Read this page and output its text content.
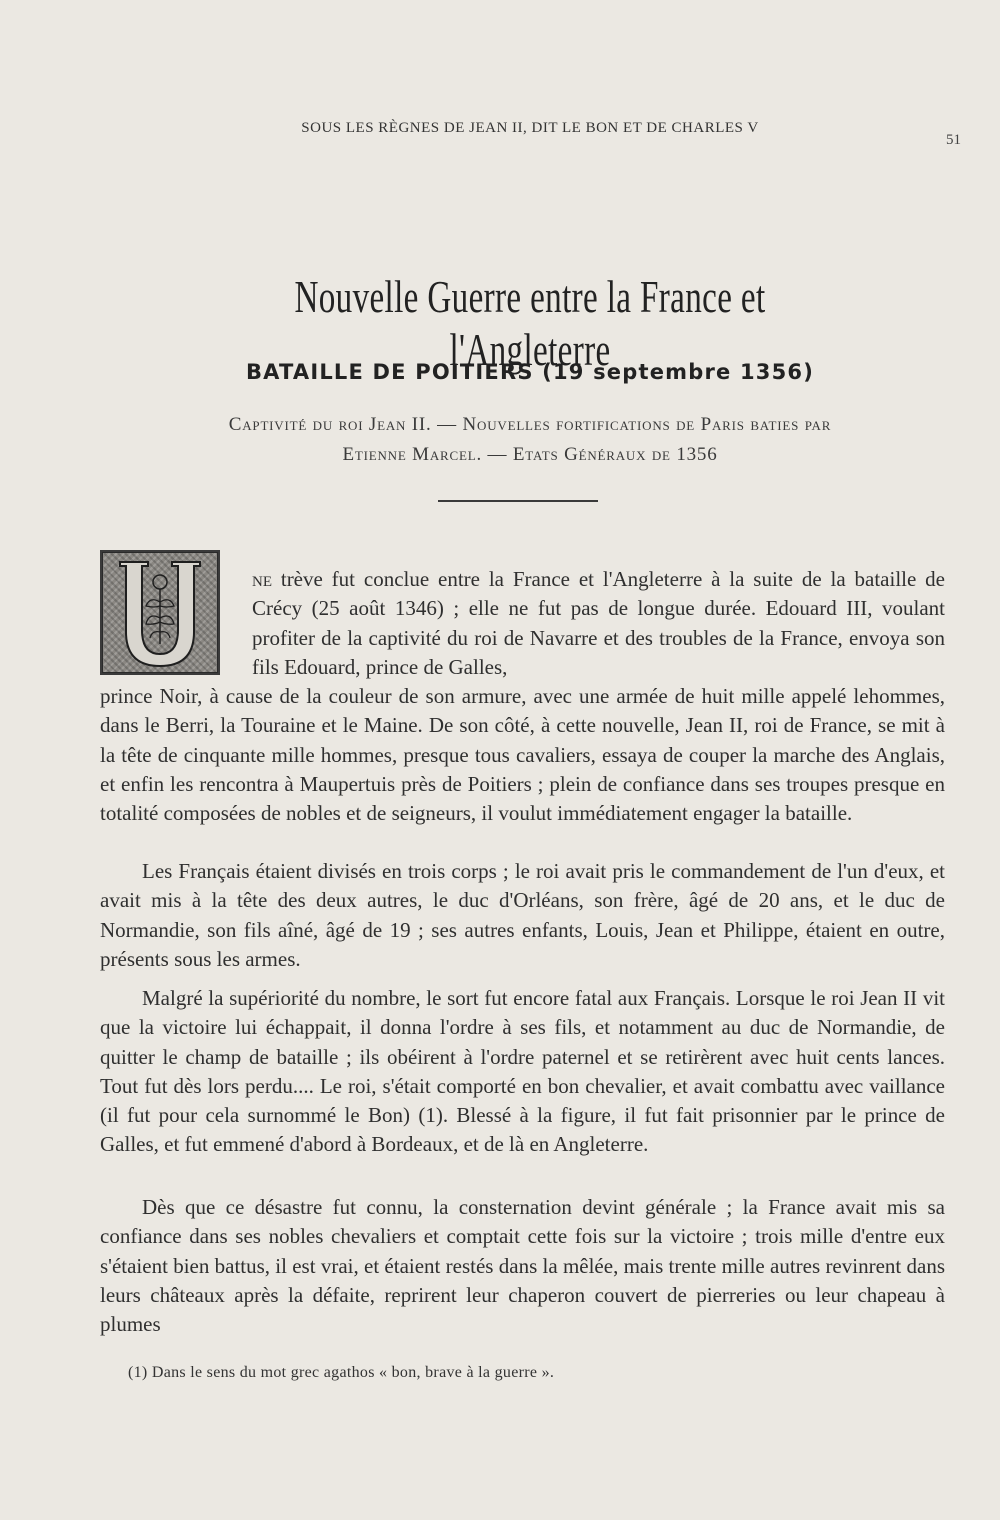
SOUS LES RÈGNES DE JEAN II, DIT LE BON ET DE CHARLES V
51
Nouvelle Guerre entre la France et l'Angleterre
BATAILLE DE POITIERS (19 septembre 1356)
Captivité du roi Jean II. — Nouvelles fortifications de Paris baties par
Etienne Marcel. — Etats Généraux de 1356

ne trève fut conclue entre la France et l'Angleterre à la suite de la bataille de Crécy (25 août 1346) ; elle ne fut pas de longue durée. Edouard III, voulant profiter de la captivité du roi de Navarre et des troubles de la France, envoya son fils Edouard, prince de Galles,

prince Noir, à cause de la couleur de son armure, avec une armée de huit mille appelé lehommes, dans le Berri, la Touraine et le Maine. De son côté, à cette nouvelle, Jean II, roi de France, se mit à la tête de cinquante mille hommes, presque tous cavaliers, essaya de couper la marche des Anglais, et enfin les rencontra à Maupertuis près de Poitiers ; plein de confiance dans ses troupes presque en totalité composées de nobles et de seigneurs, il voulut immédiatement engager la bataille.

Les Français étaient divisés en trois corps ; le roi avait pris le commandement de l'un d'eux, et avait mis à la tête des deux autres, le duc d'Orléans, son frère, âgé de 20 ans, et le duc de Normandie, son fils aîné, âgé de 19 ; ses autres enfants, Louis, Jean et Philippe, étaient en outre, présents sous les armes.

Malgré la supériorité du nombre, le sort fut encore fatal aux Français. Lorsque le roi Jean II vit que la victoire lui échappait, il donna l'ordre à ses fils, et notamment au duc de Normandie, de quitter le champ de bataille ; ils obéirent à l'ordre paternel et se retirèrent avec huit cents lances. Tout fut dès lors perdu.... Le roi, s'était comporté en bon chevalier, et avait combattu avec vaillance (il fut pour cela surnommé le Bon) (1). Blessé à la figure, il fut fait prisonnier par le prince de Galles, et fut emmené d'abord à Bordeaux, et de là en Angleterre.

Dès que ce désastre fut connu, la consternation devint générale ; la France avait mis sa confiance dans ses nobles chevaliers et comptait cette fois sur la victoire ; trois mille d'entre eux s'étaient bien battus, il est vrai, et étaient restés dans la mêlée, mais trente mille autres revinrent dans leurs châteaux après la défaite, reprirent leur chaperon couvert de pierreries ou leur chapeau à plumes

(1) Dans le sens du mot grec agathos « bon, brave à la guerre ».
